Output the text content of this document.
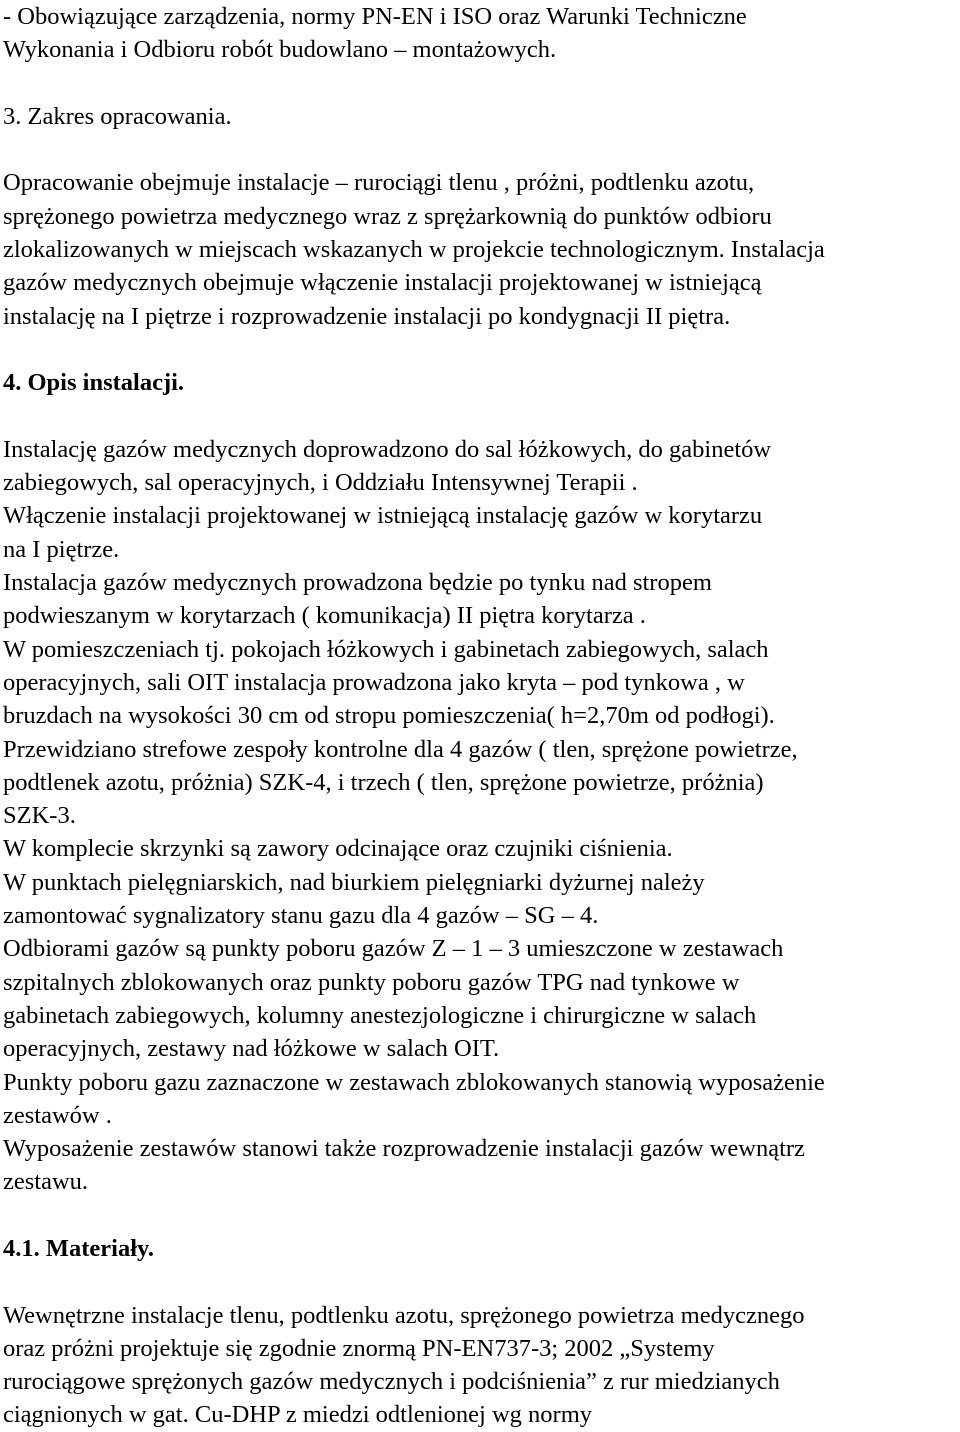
- Obowiązujące zarządzenia, normy PN-EN i ISO oraz Warunki Techniczne
Wykonania i Odbioru robót budowlano – montażowych.
3. Zakres opracowania.
Opracowanie obejmuje instalacje – rurociągi tlenu , próżni, podtlenku azotu,
sprężonego powietrza medycznego wraz z sprężarkownią do punktów odbioru
zlokalizowanych w miejscach wskazanych w projekcie technologicznym. Instalacja
gazów medycznych obejmuje włączenie instalacji projektowanej w istniejącą
instalację na I piętrze i rozprowadzenie instalacji po kondygnacji II piętra.
4. Opis instalacji.
Instalację gazów medycznych doprowadzono do sal łóżkowych, do gabinetów
zabiegowych, sal operacyjnych, i Oddziału Intensywnej Terapii .
Włączenie instalacji projektowanej w istniejącą instalację gazów w korytarzu
na I piętrze.
Instalacja gazów medycznych prowadzona będzie po tynku nad stropem
podwieszanym w korytarzach ( komunikacja) II piętra korytarza .
W pomieszczeniach tj. pokojach łóżkowych i gabinetach zabiegowych, salach
operacyjnych, sali OIT instalacja prowadzona jako kryta – pod tynkowa , w
bruzdach na wysokości 30 cm od stropu pomieszczenia( h=2,70m od podłogi).
Przewidziano strefowe zespoły kontrolne dla 4 gazów ( tlen, sprężone powietrze,
podtlenek azotu, próżnia) SZK-4, i trzech ( tlen, sprężone powietrze, próżnia)
SZK-3.
W komplecie skrzynki są zawory odcinające oraz czujniki ciśnienia.
W punktach pielęgniarskich, nad biurkiem pielęgniarki dyżurnej należy
zamontować sygnalizatory stanu gazu dla 4 gazów – SG – 4.
Odbiorami gazów są punkty poboru gazów Z – 1 – 3 umieszczone w zestawach
szpitalnych zblokowanych oraz punkty poboru gazów TPG nad tynkowe w
gabinetach zabiegowych, kolumny anestezjologiczne i chirurgiczne w salach
operacyjnych, zestawy nad łóżkowe w salach OIT.
Punkty poboru gazu zaznaczone w zestawach zblokowanych stanowią wyposażenie
zestawów .
Wyposażenie zestawów stanowi także rozprowadzenie instalacji gazów wewnątrz
zestawu.
4.1. Materiały.
Wewnętrzne instalacje tlenu, podtlenku azotu, sprężonego powietrza medycznego
oraz próżni projektuje się zgodnie znormą PN-EN737-3; 2002 „Systemy
rurociągowe sprężonych gazów medycznych i podciśnienia” z rur miedzianych
ciągnionych w gat. Cu-DHP z miedzi odtlenionej wg normy
